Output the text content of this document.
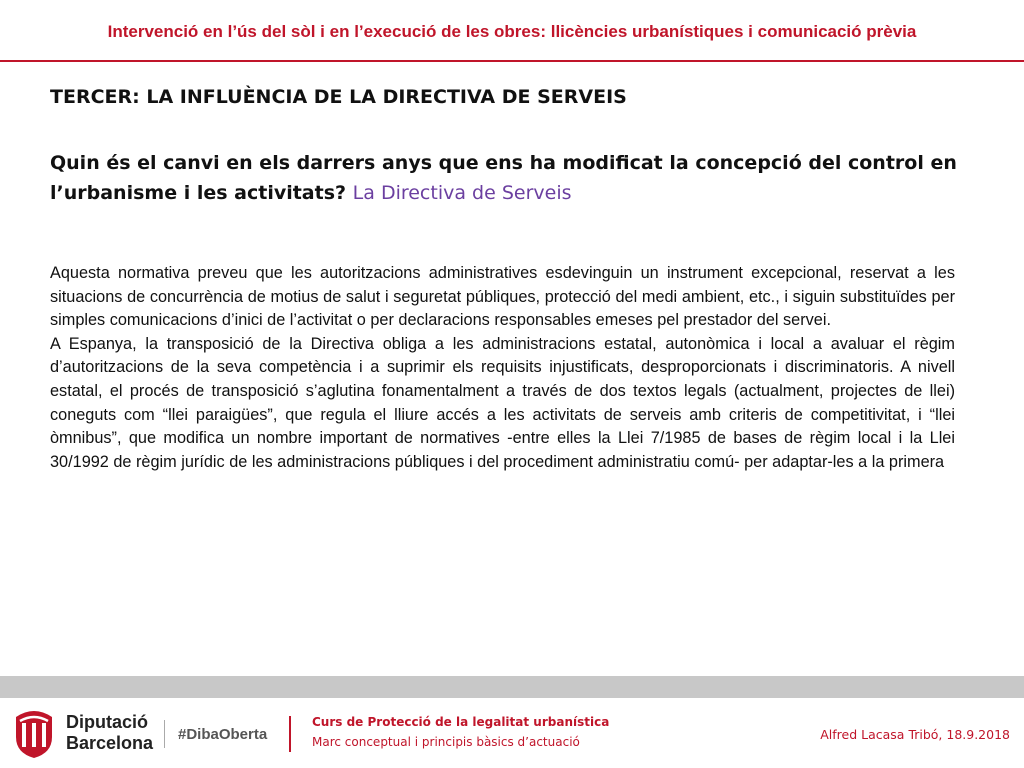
Intervenció en l’ús del sòl i en l’execució de les obres: llicències urbanístiques i comunicació prèvia
TERCER: LA INFLUÈNCIA DE LA DIRECTIVA DE SERVEIS
Quin és el canvi en els darrers anys que ens ha modificat la concepció del control en l’urbanisme i les activitats? La Directiva de Serveis

Aquesta normativa preveu que les autoritzacions administratives esdevinguin un instrument excepcional, reservat a les situacions de concurrència de motius de salut i seguretat públiques, protecció del medi ambient, etc., i siguin substituïdes per simples comunicacions d’inici de l’activitat o per declaracions responsables emeses pel prestador del servei.

A Espanya, la transposició de la Directiva obliga a les administracions estatal, autonòmica i local a avaluar el règim d’autoritzacions de la seva competència i a suprimir els requisits injustificats, desproporcionats i discriminatoris. A nivell estatal, el procés de transposició s’aglutina fonamentalment a través de dos textos legals (actualment, projectes de llei) coneguts com “llei paraigües”, que regula el lliure accés a les activitats de serveis amb criteris de competitivitat, i “llei òmnibus”, que modifica un nombre important de normatives -entre elles la Llei 7/1985 de bases de règim local i la Llei 30/1992 de règim jurídic de les administracions públiques i del procediment administratiu comú- per adaptar-les a la primera

Diputació
Barcelona #DibaOberta
Curs de Protecció de la legalitat urbanística
Marc conceptual i principis bàsics d’actuació	Alfred Lacasa Tribó, 18.9.2018
